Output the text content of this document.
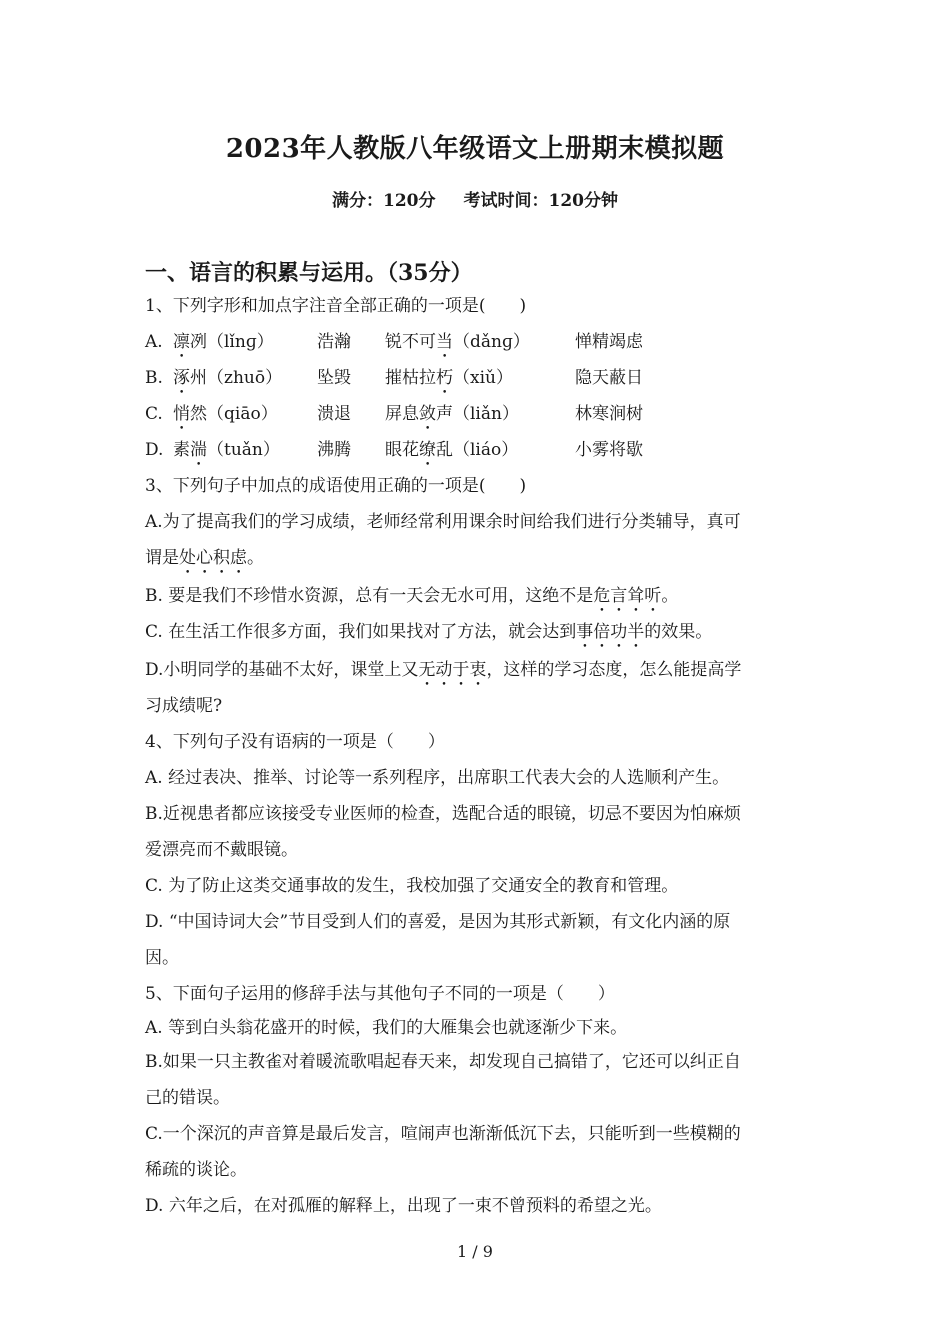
2023年人教版八年级语文上册期末模拟题
满分：120分 考试时间：120分钟
一、语言的积累与运用。（35分）
1、下列字形和加点字注音全部正确的一项是(　　)
A. 凛冽（lǐnɡ）	浩瀚 锐不可当（dǎnɡ）	惮精竭虑
B. 涿州（zhuō） 坠毁 摧枯拉朽（xiǔ）	隐天蔽日
C. 悄然（qiāo） 溃退 屏息敛声（liǎn）	林寒涧树
D. 素湍（tuǎn） 沸腾 眼花缭乱（liáo）	小雾将歇
3、下列句子中加点的成语使用正确的一项是(　　)
A.为了提高我们的学习成绩，老师经常利用课余时间给我们进行分类辅导，真可
谓是处心积虑。
B. 要是我们不珍惜水资源，总有一天会无水可用，这绝不是危言耸听。
C. 在生活工作很多方面，我们如果找对了方法，就会达到事倍功半的效果。
D.小明同学的基础不太好，课堂上又无动于衷，这样的学习态度，怎么能提高学
习成绩呢?
4、下列句子没有语病的一项是（　　）
A. 经过表决、推举、讨论等一系列程序，出席职工代表大会的人选顺利产生。
B.近视患者都应该接受专业医师的检查，选配合适的眼镜，切忌不要因为怕麻烦
爱漂亮而不戴眼镜。
C. 为了防止这类交通事故的发生，我校加强了交通安全的教育和管理。
D. “中国诗词大会”节目受到人们的喜爱，是因为其形式新颖，有文化内涵的原
因。
5、下面句子运用的修辞手法与其他句子不同的一项是（　　）
A. 等到白头翁花盛开的时候，我们的大雁集会也就逐渐少下来。
B.如果一只主教雀对着暖流歌唱起春天来，却发现自己搞错了，它还可以纠正自
己的错误。
C.一个深沉的声音算是最后发言，喧闹声也渐渐低沉下去，只能听到一些模糊的
稀疏的谈论。
D. 六年之后，在对孤雁的解释上，出现了一束不曾预料的希望之光。
1 / 9
